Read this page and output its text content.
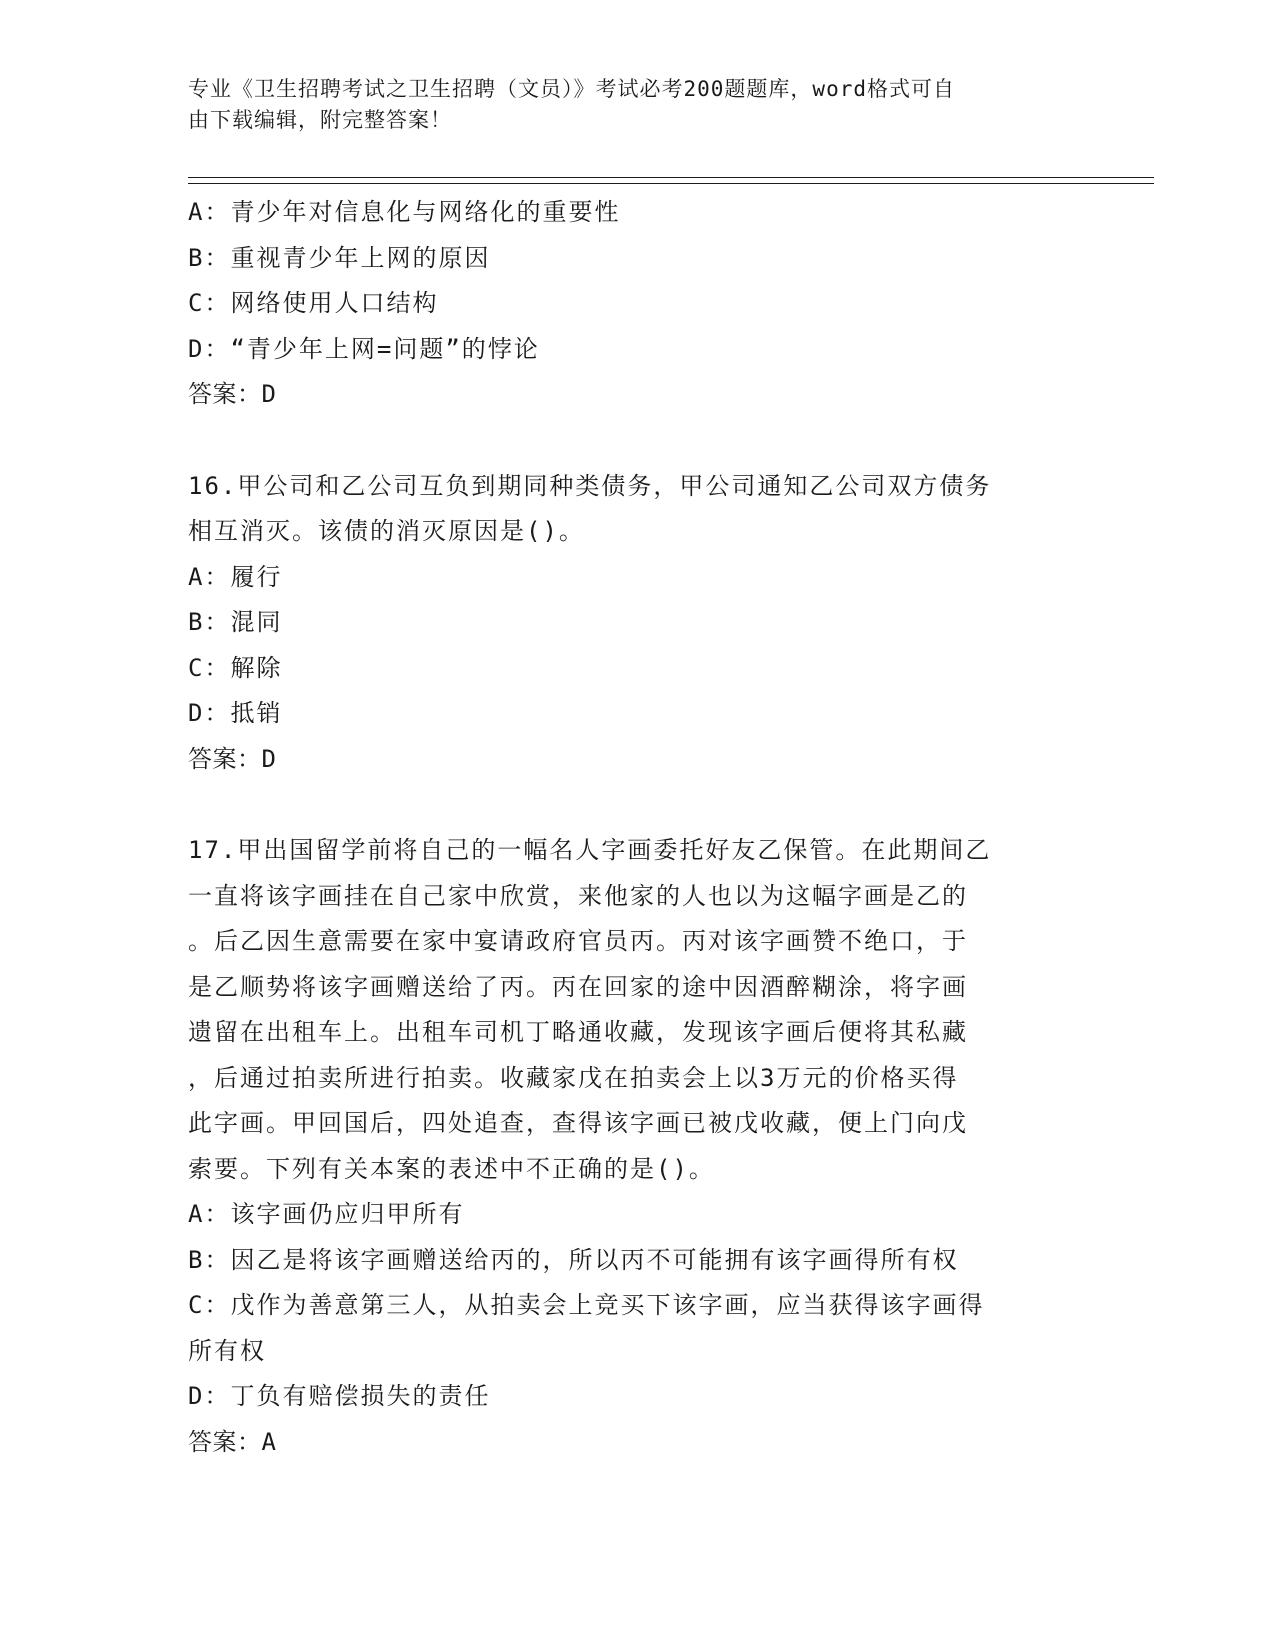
专业《卫生招聘考试之卫生招聘（文员）》考试必考200题题库，word格式可自
由下载编辑，附完整答案！
A：青少年对信息化与网络化的重要性
B：重视青少年上网的原因
C：网络使用人口结构
D：“青少年上网=问题”的悖论
答案：D
16.甲公司和乙公司互负到期同种类债务，甲公司通知乙公司双方债务
相互消灭。该债的消灭原因是()。
A：履行
B：混同
C：解除
D：抵销
答案：D
17.甲出国留学前将自己的一幅名人字画委托好友乙保管。在此期间乙
一直将该字画挂在自己家中欣赏，来他家的人也以为这幅字画是乙的
。后乙因生意需要在家中宴请政府官员丙。丙对该字画赞不绝口，于
是乙顺势将该字画赠送给了丙。丙在回家的途中因酒醉糊涂，将字画
遗留在出租车上。出租车司机丁略通收藏，发现该字画后便将其私藏
，后通过拍卖所进行拍卖。收藏家戊在拍卖会上以3万元的价格买得
此字画。甲回国后，四处追查，查得该字画已被戊收藏，便上门向戊
索要。下列有关本案的表述中不正确的是()。
A：该字画仍应归甲所有
B：因乙是将该字画赠送给丙的，所以丙不可能拥有该字画得所有权
C：戊作为善意第三人，从拍卖会上竞买下该字画，应当获得该字画得
所有权
D：丁负有赔偿损失的责任
答案：A
